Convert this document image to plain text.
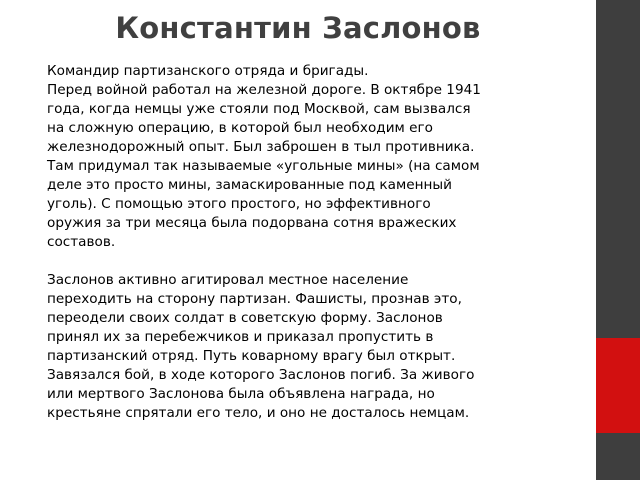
Константин Заслонов
Командир партизанского отряда и бригады.
Перед войной работал на железной дороге. В октябре 1941
года, когда немцы уже стояли под Москвой, сам вызвался
на сложную операцию, в которой был необходим его
железнодорожный опыт. Был заброшен в тыл противника.
Там придумал так называемые «угольные мины» (на самом
деле это просто мины, замаскированные под каменный
уголь). С помощью этого простого, но эффективного
оружия за три месяца была подорвана сотня вражеских
составов.
Заслонов активно агитировал местное население
переходить на сторону партизан. Фашисты, прознав это,
переодели своих солдат в советскую форму. Заслонов
принял их за перебежчиков и приказал пропустить в
партизанский отряд. Путь коварному врагу был открыт.
Завязался бой, в ходе которого Заслонов погиб. За живого
или мертвого Заслонова была объявлена награда, но
крестьяне спрятали его тело, и оно не досталось немцам.
